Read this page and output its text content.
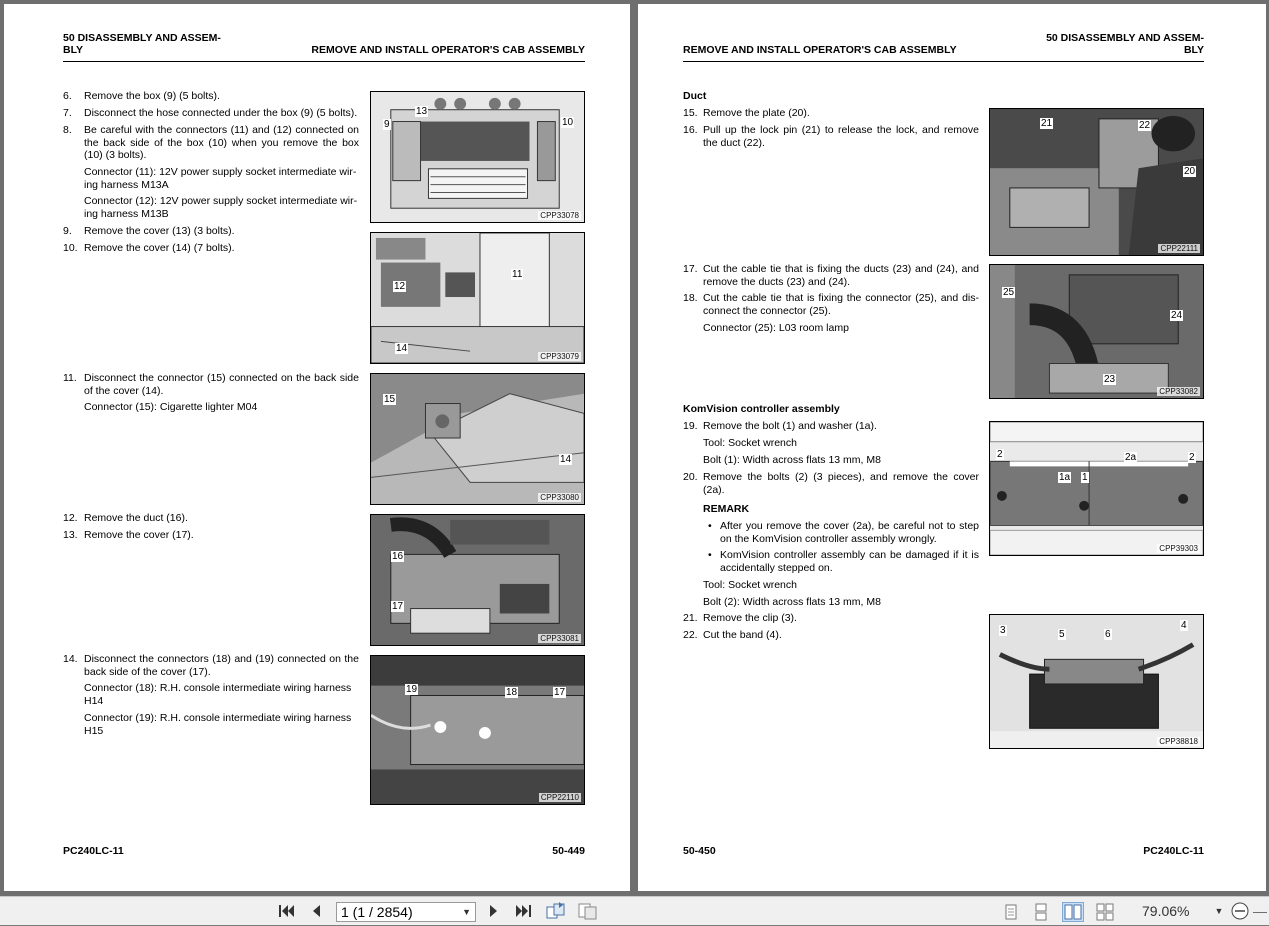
50 DISASSEMBLY AND ASSEM-
BLY	REMOVE AND INSTALL OPERATOR'S CAB ASSEMBLY
6. Remove the box (9) (5 bolts).
7. Disconnect the hose connected under the box (9) (5 bolts).
8. Be careful with the connectors (11) and (12) connected on the back side of the box (10) when you remove the box (10) (3 bolts).
Connector (11): 12V power supply socket intermediate wir-
ing harness M13A
Connector (12): 12V power supply socket intermediate wir-
ing harness M13B
9. Remove the cover (13) (3 bolts).
10. Remove the cover (14) (7 bolts).
11. Disconnect the connector (15) connected on the back side of the cover (14).
Connector (15): Cigarette lighter M04
12. Remove the duct (16).
13. Remove the cover (17).
14. Disconnect the connectors (18) and (19) connected on the back side of the cover (17).
Connector (18): R.H. console intermediate wiring harness
H14
Connector (19): R.H. console intermediate wiring harness
H15
13
9	10
CPP33078
11
12
14
CPP33079
15
14
CPP33080
16
17
CPP33081
19	18	17
CPP22110
PC240LC-11	50-449
REMOVE AND INSTALL OPERATOR'S CAB ASSEMBLY
50 DISASSEMBLY AND ASSEM-
BLY
Duct
15. Remove the plate (20).
16. Pull up the lock pin (21) to release the lock, and remove the duct (22).
17. Cut the cable tie that is fixing the ducts (23) and (24), and remove the ducts (23) and (24).
18. Cut the cable tie that is fixing the connector (25), and dis-connect the connector (25).
Connector (25): L03 room lamp
KomVision controller assembly
19. Remove the bolt (1) and washer (1a).
Tool: Socket wrench
Bolt (1): Width across flats 13 mm, M8
20. Remove the bolts (2) (3 pieces), and remove the cover (2a).
REMARK
• After you remove the cover (2a), be careful not to step on the KomVision controller assembly wrongly.
• KomVision controller assembly can be damaged if it is accidentally stepped on.
Tool: Socket wrench
Bolt (2): Width across flats 13 mm, M8
21. Remove the clip (3).
22. Cut the band (4).
21	22
20
CPP22111
25
24
23
CPP33082
2	2a	2
1a 1
CPP39303
3	5	6
4
CPP38818
50-450	PC240LC-11
1 (1 / 2854)	▼	79.06%	▼ —
